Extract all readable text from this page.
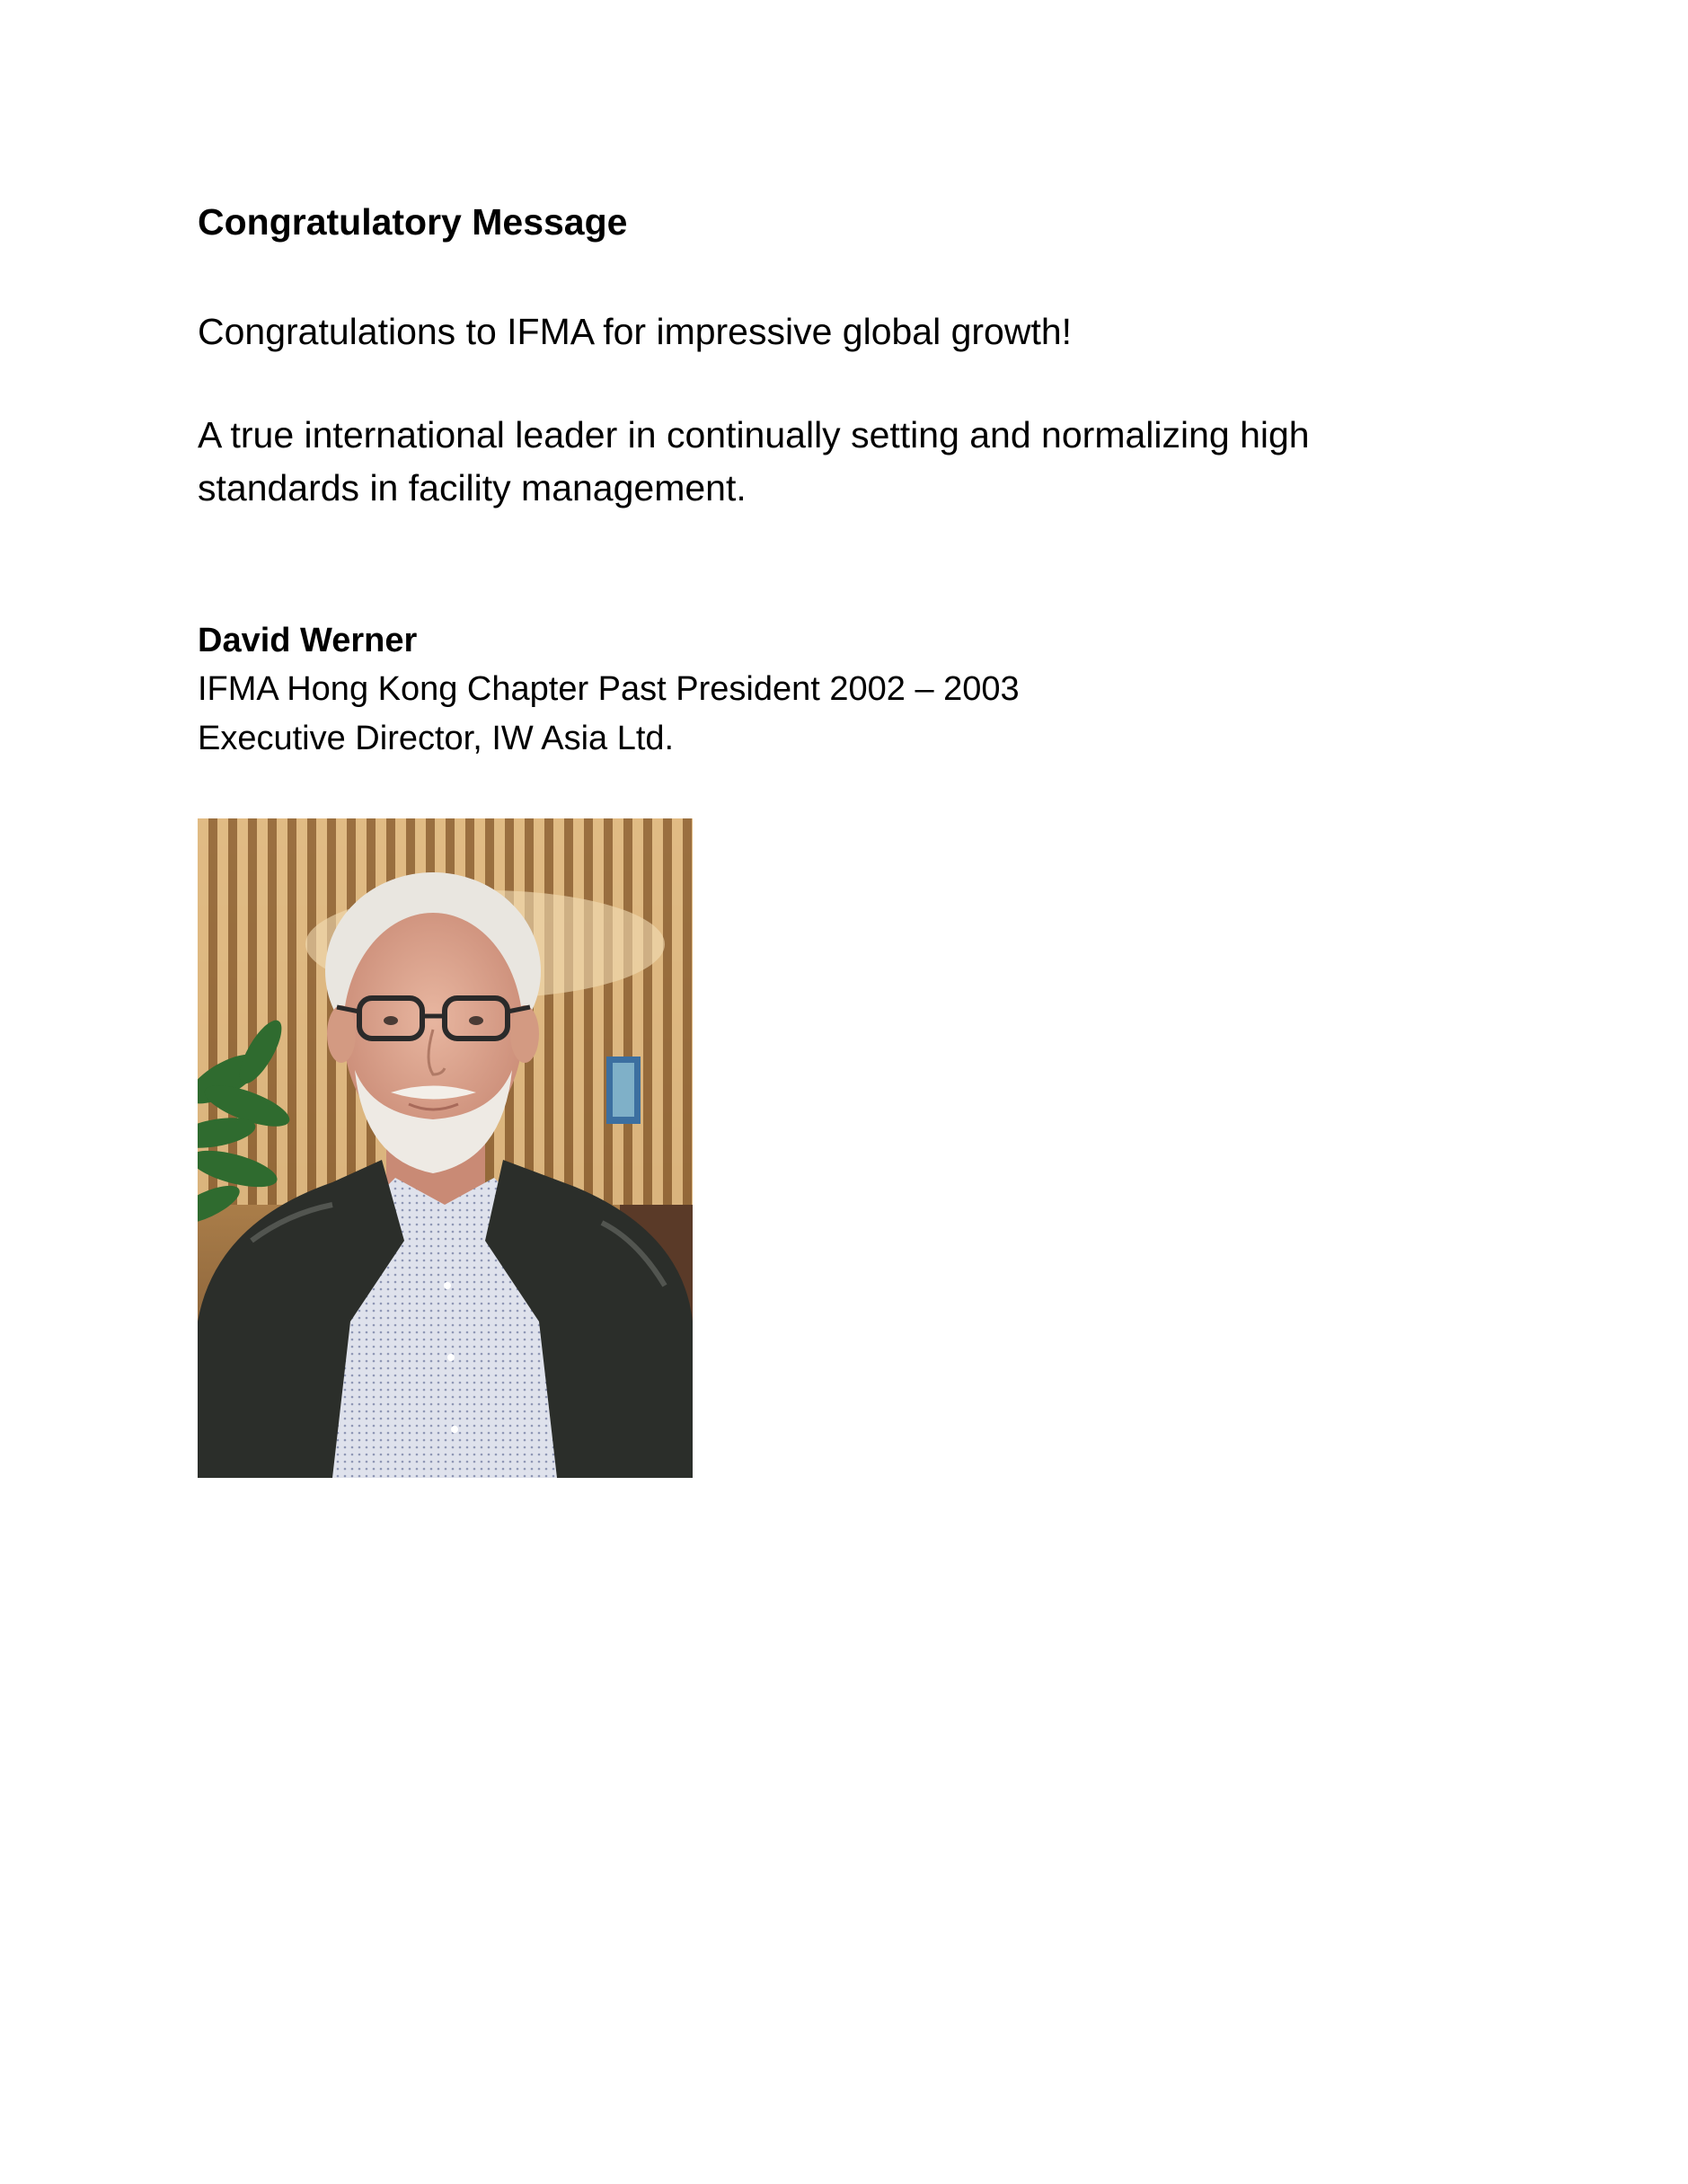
Congratulatory Message
Congratulations to IFMA for impressive global growth!
A true international leader in continually setting and normalizing high standards in facility management.
David Werner
IFMA Hong Kong Chapter Past President 2002 – 2003
Executive Director, IW Asia Ltd.
